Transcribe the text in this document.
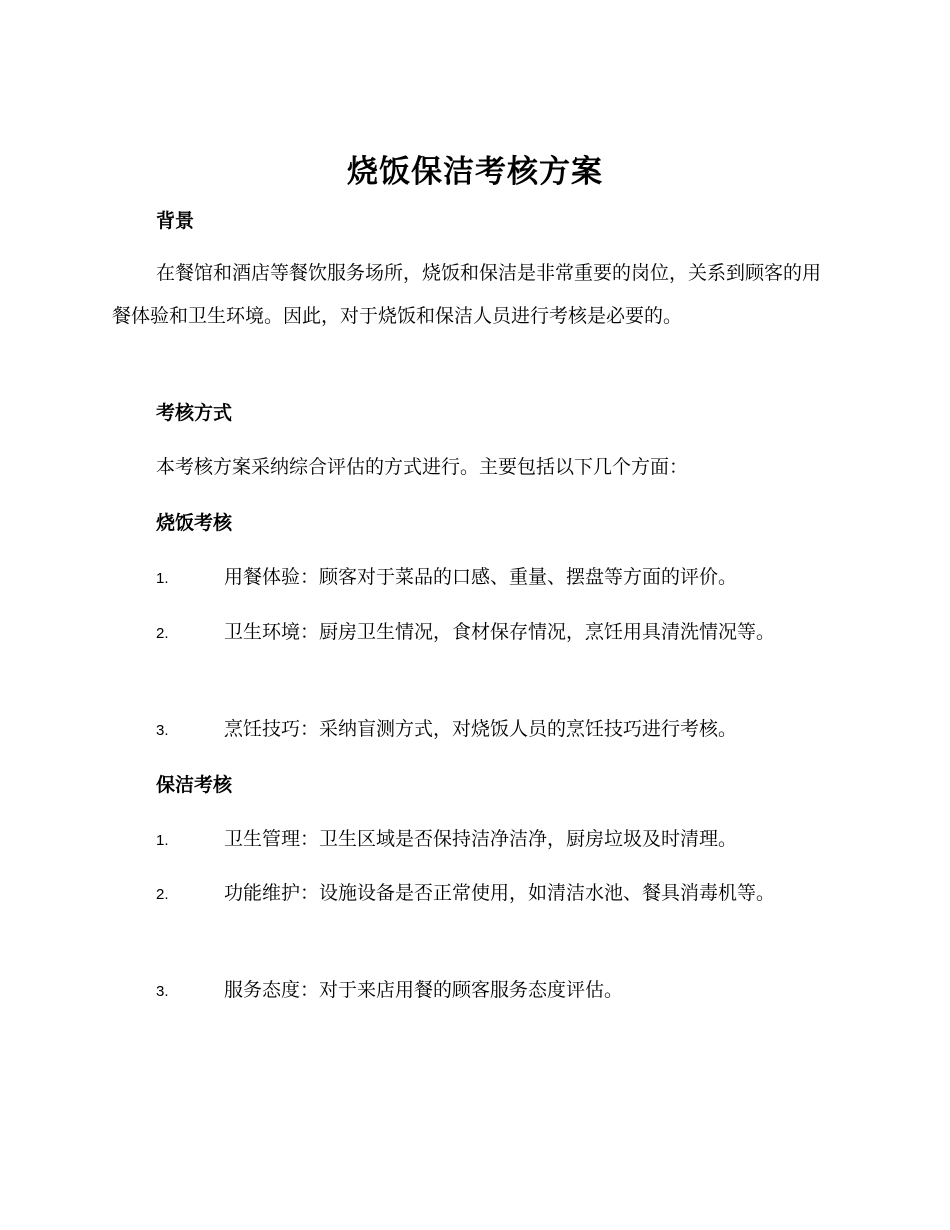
烧饭保洁考核方案
背景

在餐馆和酒店等餐饮服务场所，烧饭和保洁是非常重要的岗位，关系到顾客的用餐体验和卫生环境。因此，对于烧饭和保洁人员进行考核是必要的。

考核方式

本考核方案采纳综合评估的方式进行。主要包括以下几个方面：

烧饭考核

1.	用餐体验：顾客对于菜品的口感、重量、摆盘等方面的评价。

2.	卫生环境：厨房卫生情况，食材保存情况，烹饪用具清洗情况等。

3.	烹饪技巧：采纳盲测方式，对烧饭人员的烹饪技巧进行考核。

保洁考核

1.	卫生管理：卫生区域是否保持洁净洁净，厨房垃圾及时清理。

2.	功能维护：设施设备是否正常使用，如清洁水池、餐具消毒机等。

3.	服务态度：对于来店用餐的顾客服务态度评估。
